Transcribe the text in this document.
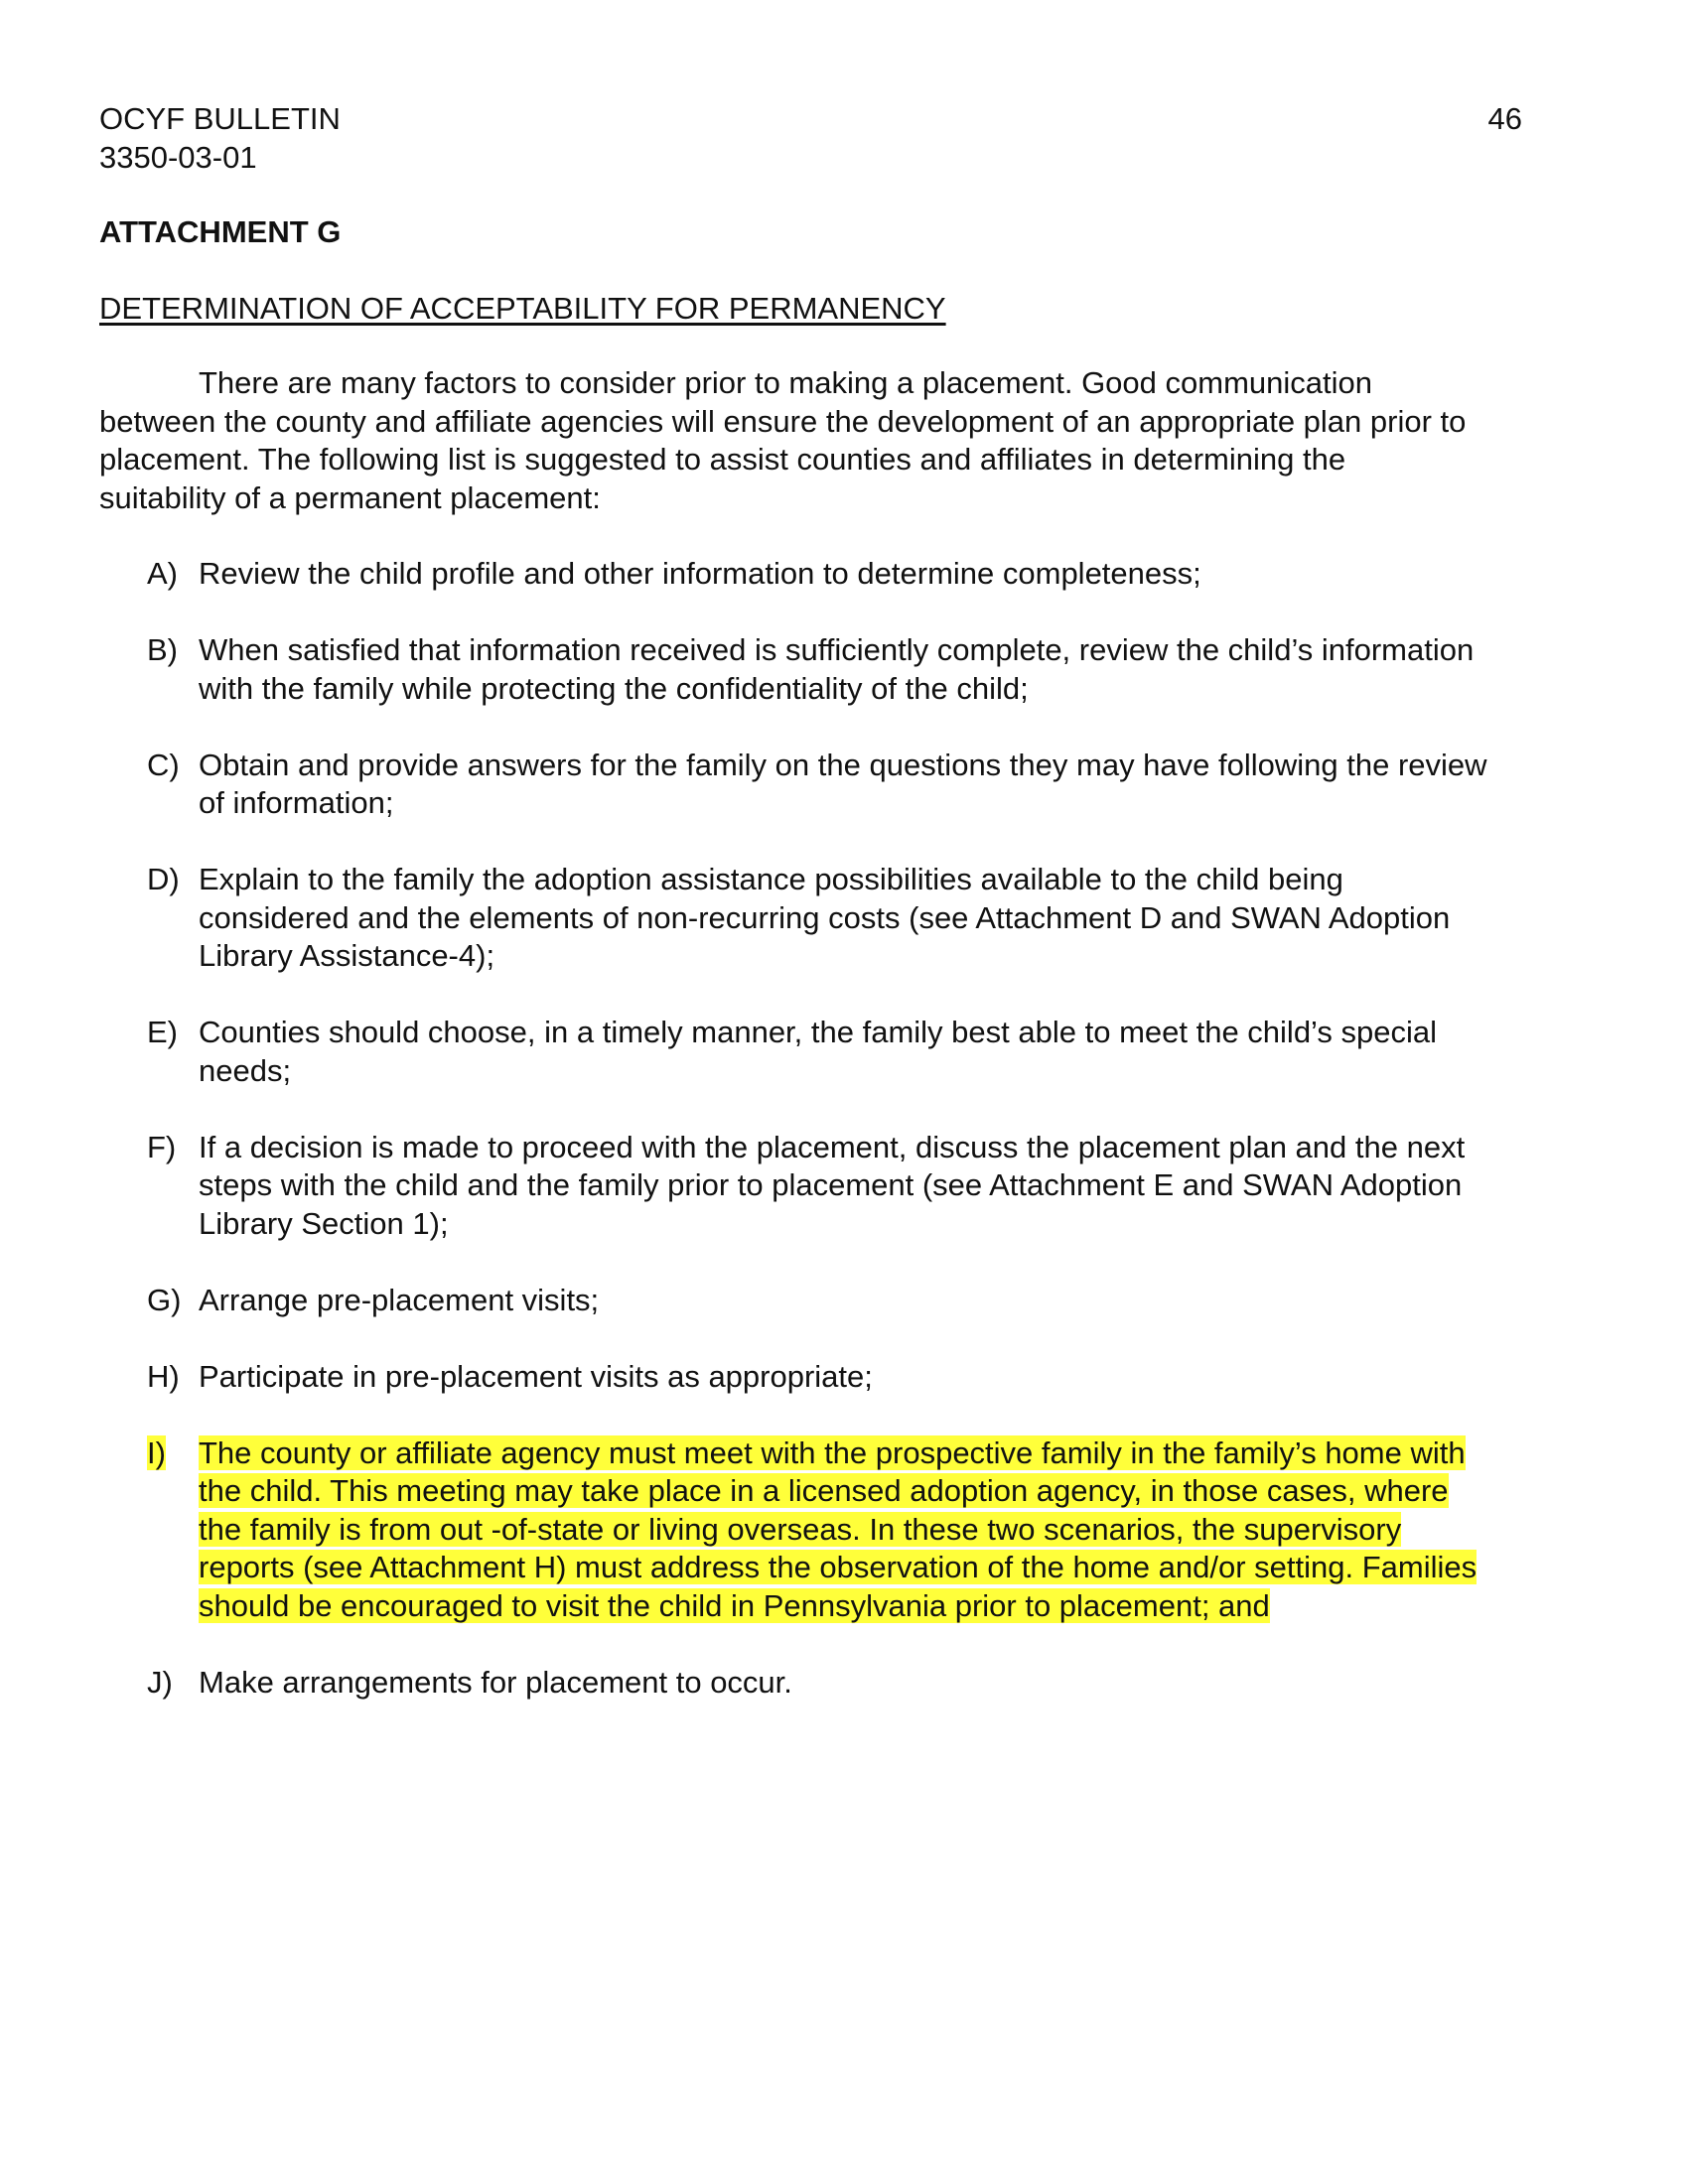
OCYF BULLETIN
3350-03-01
46
ATTACHMENT G
DETERMINATION OF ACCEPTABILITY FOR PERMANENCY
There are many factors to consider prior to making a placement. Good communication
between the county and affiliate agencies will ensure the development of an appropriate plan prior to
placement. The following list is suggested to assist counties and affiliates in determining the
suitability of a permanent placement:
A) Review the child profile and other information to determine completeness;
B) When satisfied that information received is sufficiently complete, review the child’s information
with the family while protecting the confidentiality of the child;
C) Obtain and provide answers for the family on the questions they may have following the review
of information;
D) Explain to the family the adoption assistance possibilities available to the child being
considered and the elements of non-recurring costs (see Attachment D and SWAN Adoption
Library Assistance-4);
E) Counties should choose, in a timely manner, the family best able to meet the child’s special
needs;
F) If a decision is made to proceed with the placement, discuss the placement plan and the next
steps with the child and the family prior to placement (see Attachment E and SWAN Adoption
Library Section 1);
G) Arrange pre-placement visits;
H) Participate in pre-placement visits as appropriate;
I) The county or affiliate agency must meet with the prospective family in the family’s home with
the child. This meeting may take place in a licensed adoption agency, in those cases, where
the family is from out -of-state or living overseas. In these two scenarios, the supervisory
reports (see Attachment H) must address the observation of the home and/or setting. Families
should be encouraged to visit the child in Pennsylvania prior to placement; and
J) Make arrangements for placement to occur.
